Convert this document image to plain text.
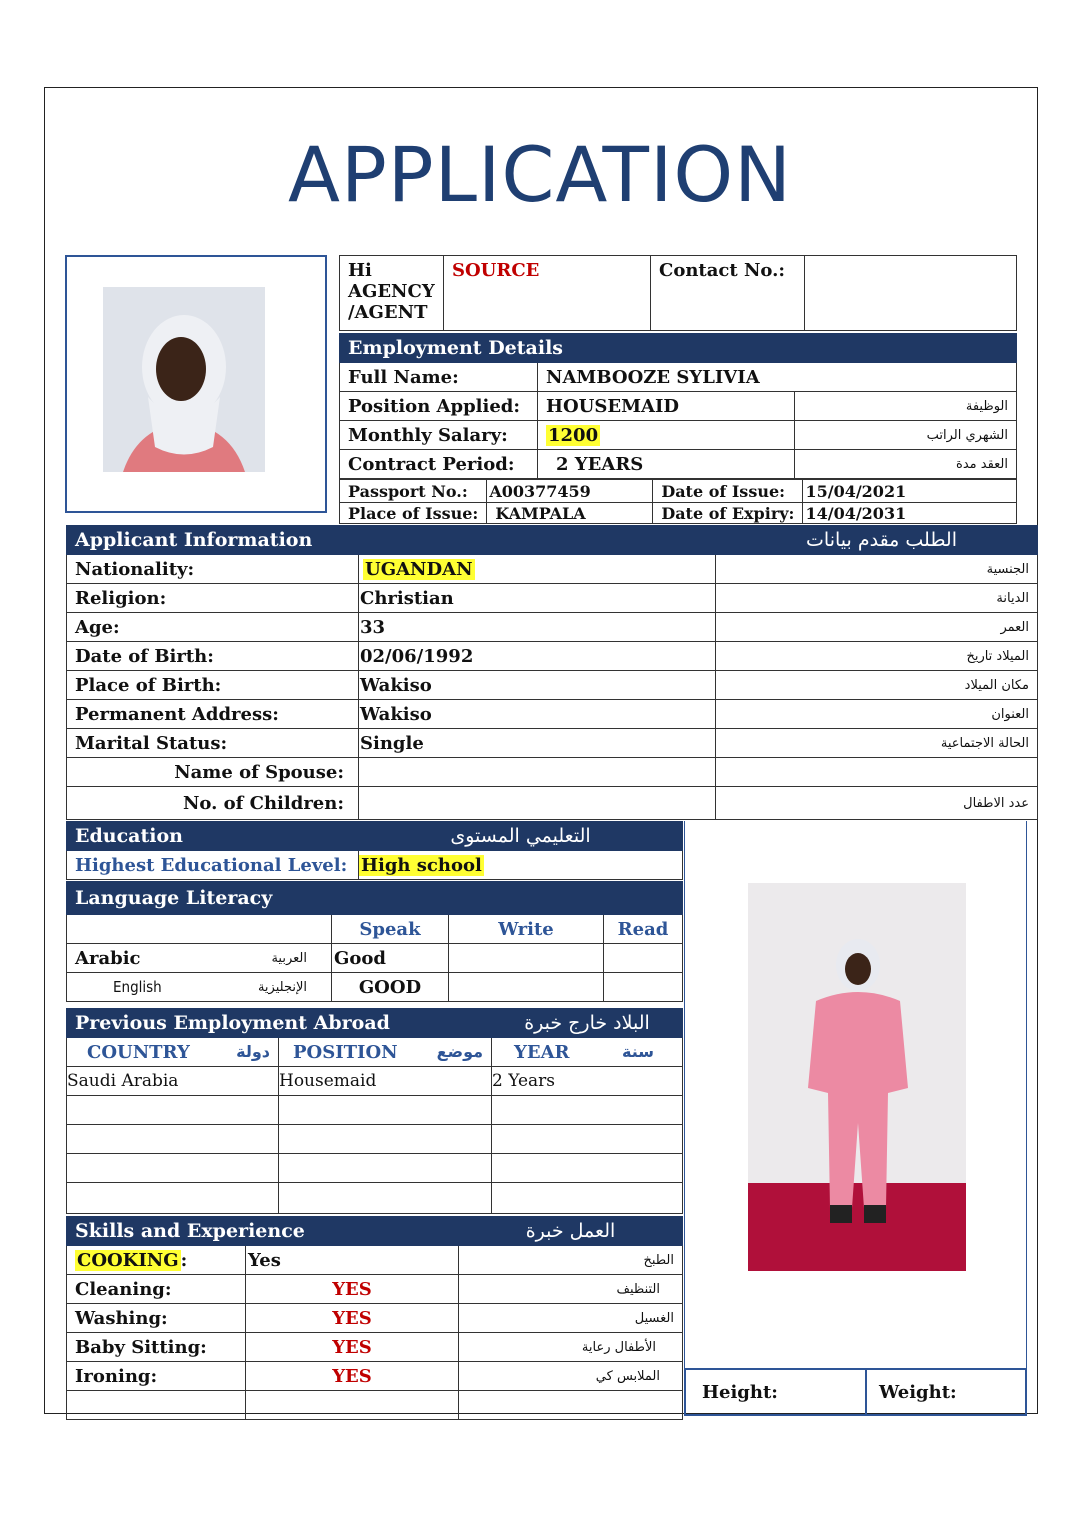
APPLICATION
Hi AGENCY /AGENT	SOURCE	Contact No.:	
Employment Details		
Full Name:	NAMBOOZE SYLIVIA	
Position Applied:	HOUSEMAID	الوظيفة
Monthly Salary:	1200	الشهري الراتب
Contract Period:	2 YEARS	العقد مدة
Passport No.:	A00377459	Date of Issue:	15/04/2021
Place of Issue:	KAMPALA	Date of Expiry:	14/04/2031
Applicant Information		الطلب مقدم بيانات
Nationality:	UGANDAN	الجنسية
Religion:	Christian	الديانة
Age:	33	العمر
Date of Birth:	02/06/1992	الميلاد تاريخ
Place of Birth:	Wakiso	مكان الميلاد
Permanent Address:	Wakiso	العنوان
Marital Status:	Single	الحالة الاجتماعية
Name of Spouse:		
No. of Children:		عدد الاطفال
Education	التعليمي المستوى
Highest Educational Level:	High school
Language Literacy				
		Speak	Write	Read
Arabic	العربية	Good		
English	الإنجليزية	GOOD		
Previous Employment Abroad		البلاد خارج خبرة
COUNTRY دولة	POSITION موضع	YEAR سنة

Saudi Arabia	Housemaid	2 Years

Skills and Experience		العمل خبرة
COOKING :	Yes	الطبخ
Cleaning:	YES	التنظيف
Washing:	YES	الغسيل
Baby Sitting:	YES	الأطفال رعاية
Ironing:	YES	الملابس كي

Height:	Weight:
